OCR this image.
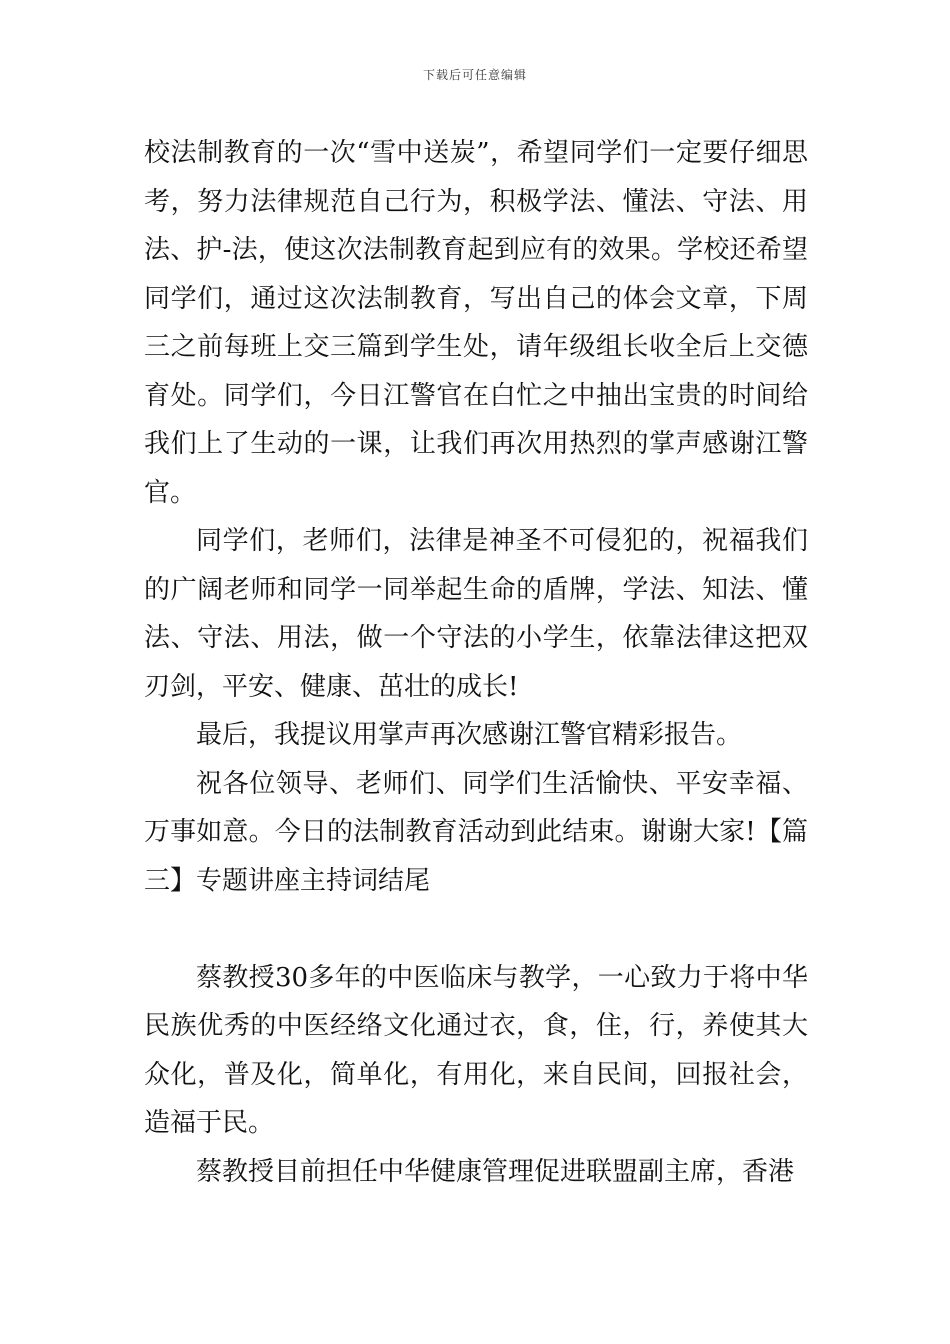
下载后可任意编辑

校法制教育的一次“雪中送炭”，希望同学们一定要仔细思考，努力法律规范自己行为，积极学法、懂法、守法、用法、护-法，使这次法制教育起到应有的效果。学校还希望同学们，通过这次法制教育，写出自己的体会文章，下周三之前每班上交三篇到学生处，请年级组长收全后上交德育处。同学们，今日江警官在白忙之中抽出宝贵的时间给我们上了生动的一课，让我们再次用热烈的掌声感谢江警官。

同学们，老师们，法律是神圣不可侵犯的，祝福我们的广阔老师和同学一同举起生命的盾牌，学法、知法、懂法、守法、用法，做一个守法的小学生，依靠法律这把双刃剑，平安、健康、茁壮的成长!

最后，我提议用掌声再次感谢江警官精彩报告。

祝各位领导、老师们、同学们生活愉快、平安幸福、万事如意。今日的法制教育活动到此结束。谢谢大家!【篇三】专题讲座主持词结尾

蔡教授30多年的中医临床与教学，一心致力于将中华民族优秀的中医经络文化通过衣，食，住，行，养使其大众化，普及化，简单化，有用化，来自民间，回报社会，造福于民。

蔡教授目前担任中华健康管理促进联盟副主席，香港
